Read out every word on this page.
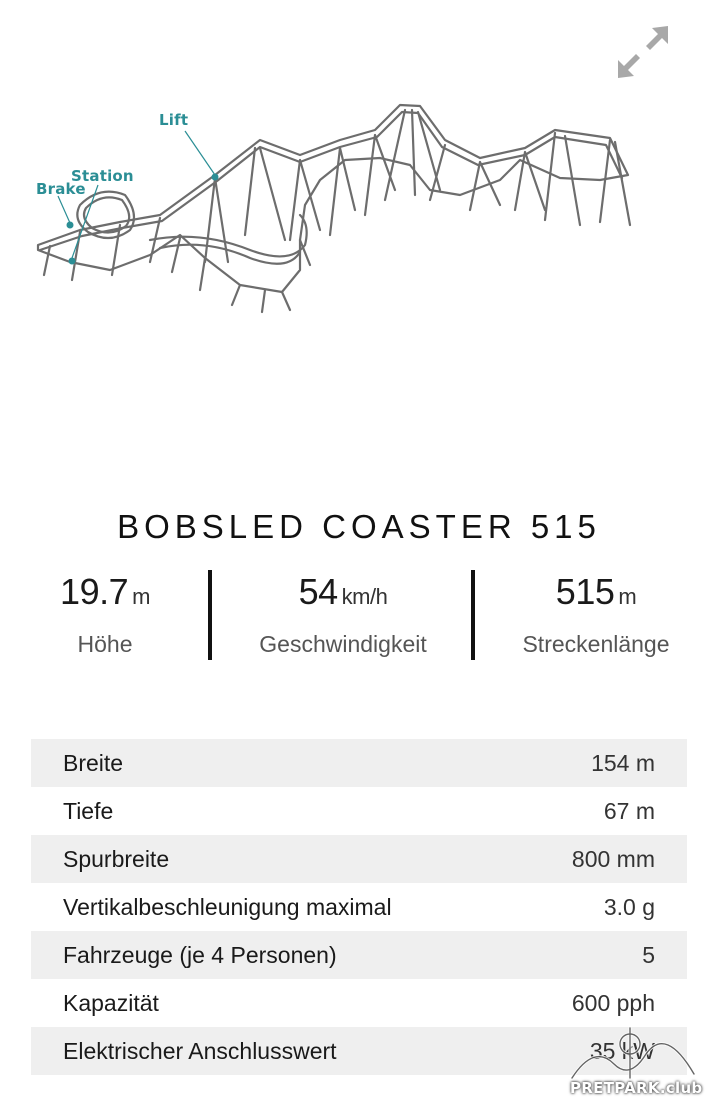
Lift
Station
Brake
BOBSLED COASTER 515
19.7 m
Höhe
54 km/h
Geschwindigkeit
515 m
Streckenlänge
Breite	154 m
Tiefe	67 m
Spurbreite	800 mm
Vertikalbeschleunigung maximal	3.0 g
Fahrzeuge (je 4 Personen)	5
Kapazität	600 pph
Elektrischer Anschlusswert	35 kW
PRETPARK.club
